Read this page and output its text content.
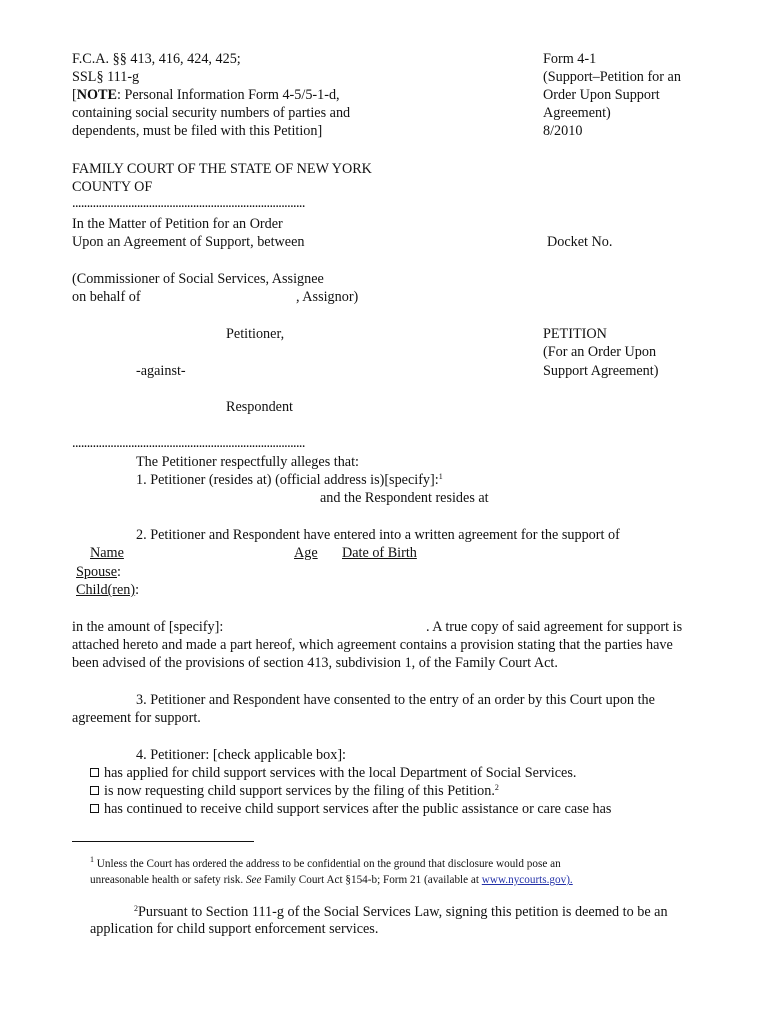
F.C.A. §§ 413, 416, 424, 425;
SSL§ 111-g
[NOTE: Personal Information Form 4-5/5-1-d,
containing social security numbers of parties and
dependents, must be filed with this Petition]
Form 4-1
(Support–Petition for an
Order Upon Support
Agreement)
8/2010
FAMILY COURT OF THE STATE OF NEW YORK
COUNTY OF
...............................................................................
In the Matter of Petition for an Order
Upon an Agreement of Support, between	Docket No.
(Commissioner of Social Services, Assignee
on behalf of	, Assignor)
Petitioner,	PETITION
(For an Order Upon
-against-	Support Agreement)
Respondent
...............................................................................
The Petitioner respectfully alleges that:
1. Petitioner (resides at) (official address is)[specify]:$^1$
and the Respondent resides at
2. Petitioner and Respondent have entered into a written agreement for the support of
Name	Age Date of Birth
Spouse:
Child(ren):
in the amount of [specify]:	. A true copy of said agreement for support is
attached hereto and made a part hereof, which agreement contains a provision stating that the parties have
been advised of the provisions of section 413, subdivision 1, of the Family Court Act.
3. Petitioner and Respondent have consented to the entry of an order by this Court upon the
agreement for support.
4. Petitioner: [check applicable box]:
has applied for child support services with the local Department of Social Services.
is now requesting child support services by the filing of this Petition.$^2$
has continued to receive child support services after the public assistance or care case has
$^1$ Unless the Court has ordered the address to be confidential on the ground that disclosure would pose an
unreasonable health or safety risk. See Family Court Act §154-b; Form 21 (available at www.nycourts.gov).
$^2$Pursuant to Section 111-g of the Social Services Law, signing this petition is deemed to be an
application for child support enforcement services.
